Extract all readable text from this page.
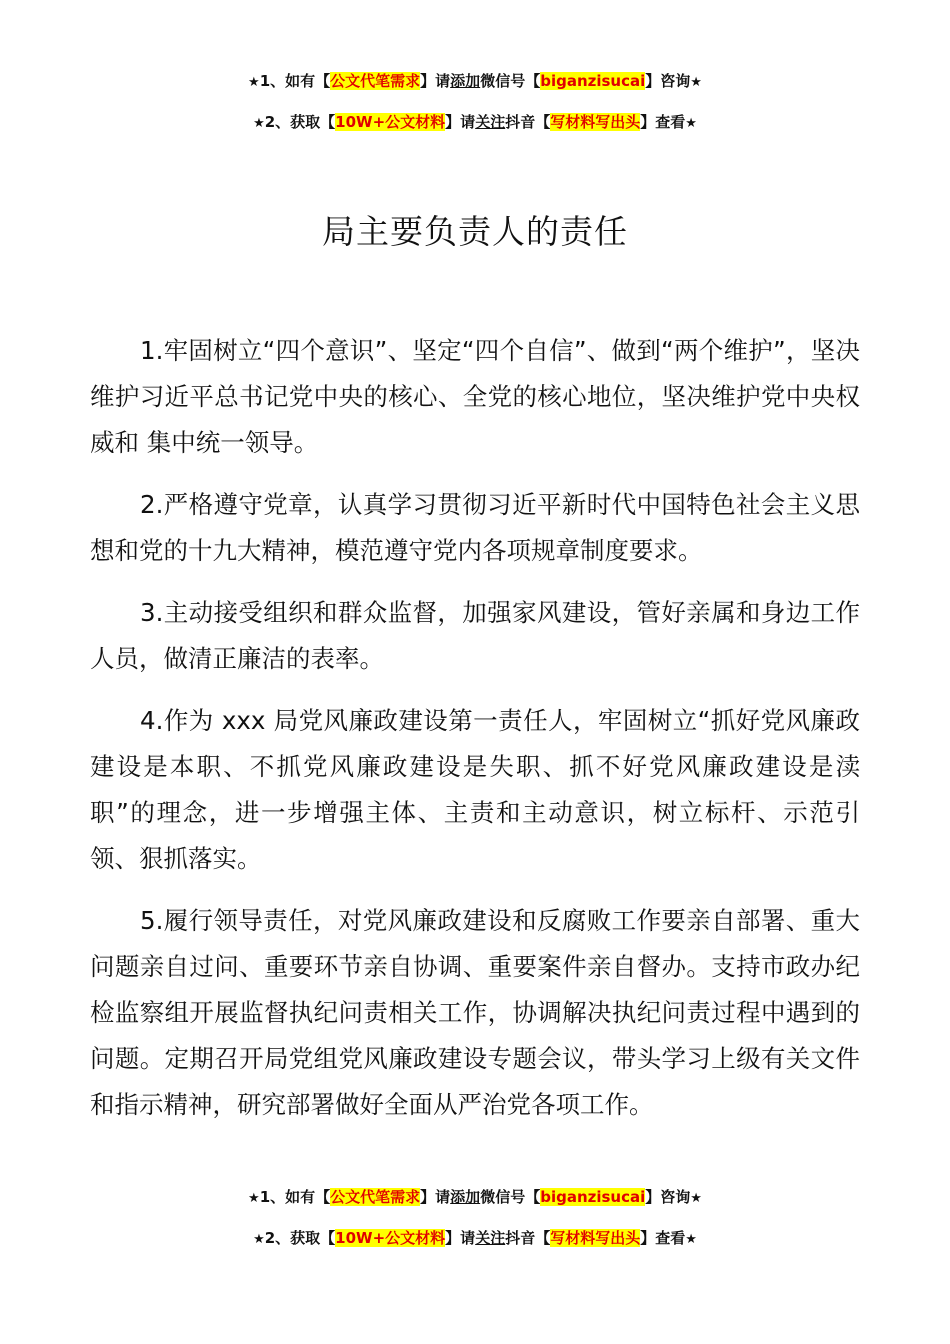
★1、如有【公文代笔需求】请添加微信号【biganzisucai】咨询★
★2、获取【10W+公文材料】请关注抖音【写材料写出头】查看★
局主要负责人的责任

1.牢固树立“四个意识”、坚定“四个自信”、做到“两个维护”，坚决维护习近平总书记党中央的核心、全党的核心地位，坚决维护党中央权威和 集中统一领导。

2.严格遵守党章，认真学习贯彻习近平新时代中国特色社会主义思想和党的十九大精神，模范遵守党内各项规章制度要求。

3.主动接受组织和群众监督，加强家风建设，管好亲属和身边工作人员，做清正廉洁的表率。

4.作为 xxx 局党风廉政建设第一责任人，牢固树立“抓好党风廉政建设是本职、不抓党风廉政建设是失职、抓不好党风廉政建设是渎职”的理念，进一步增强主体、主责和主动意识，树立标杆、示范引领、狠抓落实。

5.履行领导责任，对党风廉政建设和反腐败工作要亲自部署、重大问题亲自过问、重要环节亲自协调、重要案件亲自督办。支持市政办纪检监察组开展监督执纪问责相关工作，协调解决执纪问责过程中遇到的问题。定期召开局党组党风廉政建设专题会议，带头学习上级有关文件和指示精神，研究部署做好全面从严治党各项工作。

★1、如有【公文代笔需求】请添加微信号【biganzisucai】咨询★
★2、获取【10W+公文材料】请关注抖音【写材料写出头】查看★
